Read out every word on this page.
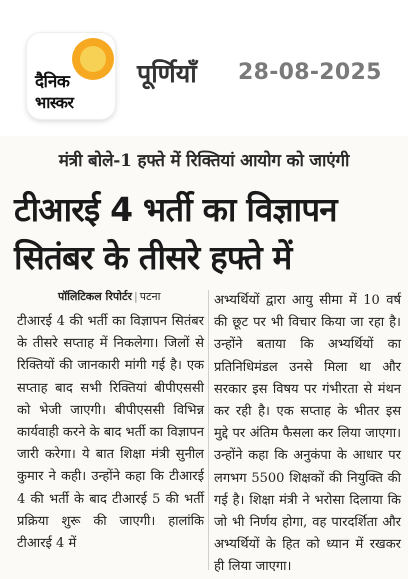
दैनिक
भास्कर
पूर्णियाँ 28-08-2025
मंत्री बोले-1 हफ्ते में रिक्तियां आयोग को जाएंगी
टीआरई 4 भर्ती का विज्ञापन
सितंबर के तीसरे हफ्ते में
पॉलिटिकल रिपोर्टर | पटना

टीआरई 4 की भर्ती का विज्ञापन सितंबर के तीसरे सप्ताह में निकलेगा। जिलों से रिक्तियों की जानकारी मांगी गई है। एक सप्ताह बाद सभी रिक्तियां बीपीएससी को भेजी जाएगी। बीपीएससी विभिन्न कार्यवाही करने के बाद भर्ती का विज्ञापन जारी करेगा। ये बात शिक्षा मंत्री सुनील कुमार ने कही। उन्होंने कहा कि टीआरई 4 की भर्ती के बाद टीआरई 5 की भर्ती प्रक्रिया शुरू की जाएगी। हालांकि टीआरई 4 में

अभ्यर्थियों द्वारा आयु सीमा में 10 वर्ष की छूट पर भी विचार किया जा रहा है। उन्होंने बताया कि अभ्यर्थियों का प्रतिनिधिमंडल उनसे मिला था और सरकार इस विषय पर गंभीरता से मंथन कर रही है। एक सप्ताह के भीतर इस मुद्दे पर अंतिम फैसला कर लिया जाएगा। उन्होंने कहा कि अनुकंपा के आधार पर लगभग 5500 शिक्षकों की नियुक्ति की गई है। शिक्षा मंत्री ने भरोसा दिलाया कि जो भी निर्णय होगा, वह पारदर्शिता और अभ्यर्थियों के हित को ध्यान में रखकर ही लिया जाएगा।
